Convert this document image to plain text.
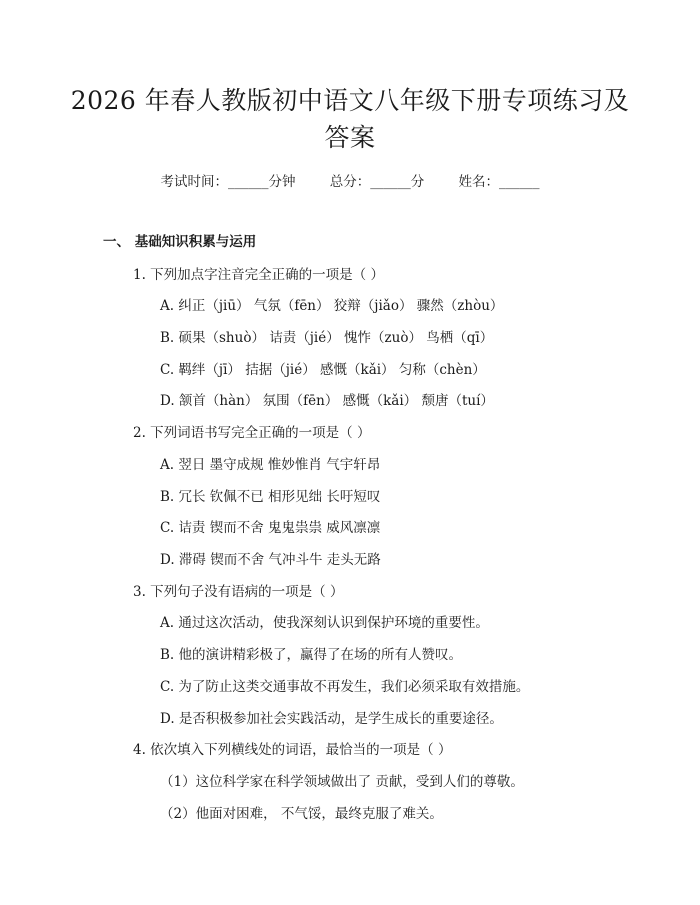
2026 年春人教版初中语文八年级下册专项练习及答案
考试时间：______分钟	总分：______分	姓名：______
一、 基础知识积累与运用
1. 下列加点字注音完全正确的一项是（ ）
A. 纠正（jiū） 气氛（fēn） 狡辩（jiǎo） 骤然（zhòu）
B. 硕果（shuò） 诘责（jié） 愧怍（zuò） 鸟栖（qī）
C. 羁绊（jī） 拮据（jié） 感慨（kǎi） 匀称（chèn）
D. 颔首（hàn） 氛围（fēn） 感慨（kǎi） 颓唐（tuí）
2. 下列词语书写完全正确的一项是（ ）
A. 翌日 墨守成规 惟妙惟肖 气宇轩昂
B. 冗长 钦佩不已 相形见绌 长吁短叹
C. 诘责 锲而不舍 鬼鬼祟祟 威风凛凛
D. 滞碍 锲而不舍 气冲斗牛 走头无路
3. 下列句子没有语病的一项是（ ）
A. 通过这次活动，使我深刻认识到保护环境的重要性。
B. 他的演讲精彩极了，赢得了在场的所有人赞叹。
C. 为了防止这类交通事故不再发生，我们必须采取有效措施。
D. 是否积极参加社会实践活动，是学生成长的重要途径。
4. 依次填入下列横线处的词语，最恰当的一项是（ ）
（1）这位科学家在科学领域做出了 贡献，受到人们的尊敬。
（2）他面对困难， 不气馁，最终克服了难关。
